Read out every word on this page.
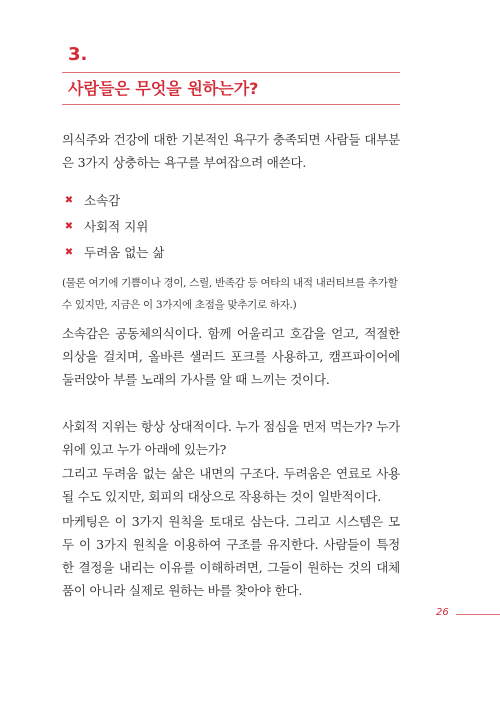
3.
사람들은 무엇을 원하는가?
의식주와 건강에 대한 기본적인 욕구가 충족되면 사람들 대부분은 3가지 상충하는 욕구를 부여잡으려 애쓴다.
✖ 소속감
✖ 사회적 지위
✖ 두려움 없는 삶
(물론 여기에 기쁨이나 경이, 스릴, 반족감 등 여타의 내적 내러티브를 추가할 수 있지만, 지금은 이 3가지에 초점을 맞추기로 하자.)
소속감은 공동체의식이다. 함께 어울리고 호감을 얻고, 적절한 의상을 걸치며, 올바른 샐러드 포크를 사용하고, 캠프파이어에 둘러앉아 부를 노래의 가사를 알 때 느끼는 것이다.
사회적 지위는 항상 상대적이다. 누가 점심을 먼저 먹는가? 누가 위에 있고 누가 아래에 있는가?
그리고 두려움 없는 삶은 내면의 구조다. 두려움은 연료로 사용될 수도 있지만, 회피의 대상으로 작용하는 것이 일반적이다.
마케팅은 이 3가지 원칙을 토대로 삼는다. 그리고 시스템은 모두 이 3가지 원칙을 이용하여 구조를 유지한다. 사람들이 특정한 결정을 내리는 이유를 이해하려면, 그들이 원하는 것의 대체품이 아니라 실제로 원하는 바를 찾아야 한다.
26
